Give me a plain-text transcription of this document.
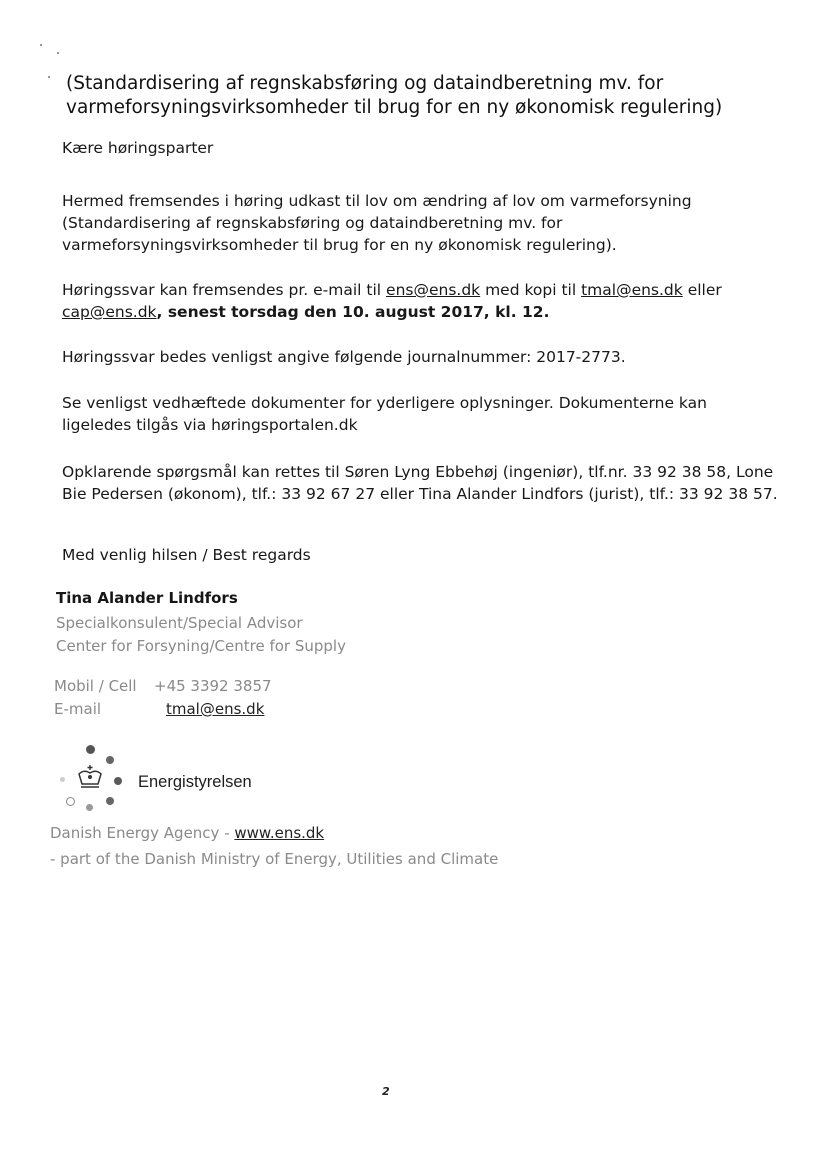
(Standardisering af regnskabsføring og dataindberetning mv. for
varmeforsyningsvirksomheder til brug for en ny økonomisk regulering)

Kære høringsparter

Hermed fremsendes i høring udkast til lov om ændring af lov om varmeforsyning
(Standardisering af regnskabsføring og dataindberetning mv. for
varmeforsyningsvirksomheder til brug for en ny økonomisk regulering).
Høringssvar kan fremsendes pr. e-mail til ens@ens.dk med kopi til tmal@ens.dk eller
cap@ens.dk, senest torsdag den 10. august 2017, kl. 12.

Høringssvar bedes venligst angive følgende journalnummer: 2017-2773.

Se venligst vedhæftede dokumenter for yderligere oplysninger. Dokumenterne kan
ligeledes tilgås via høringsportalen.dk
Opklarende spørgsmål kan rettes til Søren Lyng Ebbehøj (ingeniør), tlf.nr. 33 92 38 58, Lone
Bie Pedersen (økonom), tlf.: 33 92 67 27 eller Tina Alander Lindfors (jurist), tlf.: 33 92 38 57.

Med venlig hilsen / Best regards

Tina Alander Lindfors

Specialkonsulent/Special Advisor

Center for Forsyning/Centre for Supply

Mobil / Cell +45 3392 3857

E-mail	tmal@ens.dk

Energistyrelsen

Danish Energy Agency - www.ens.dk

- part of the Danish Ministry of Energy, Utilities and Climate

2
